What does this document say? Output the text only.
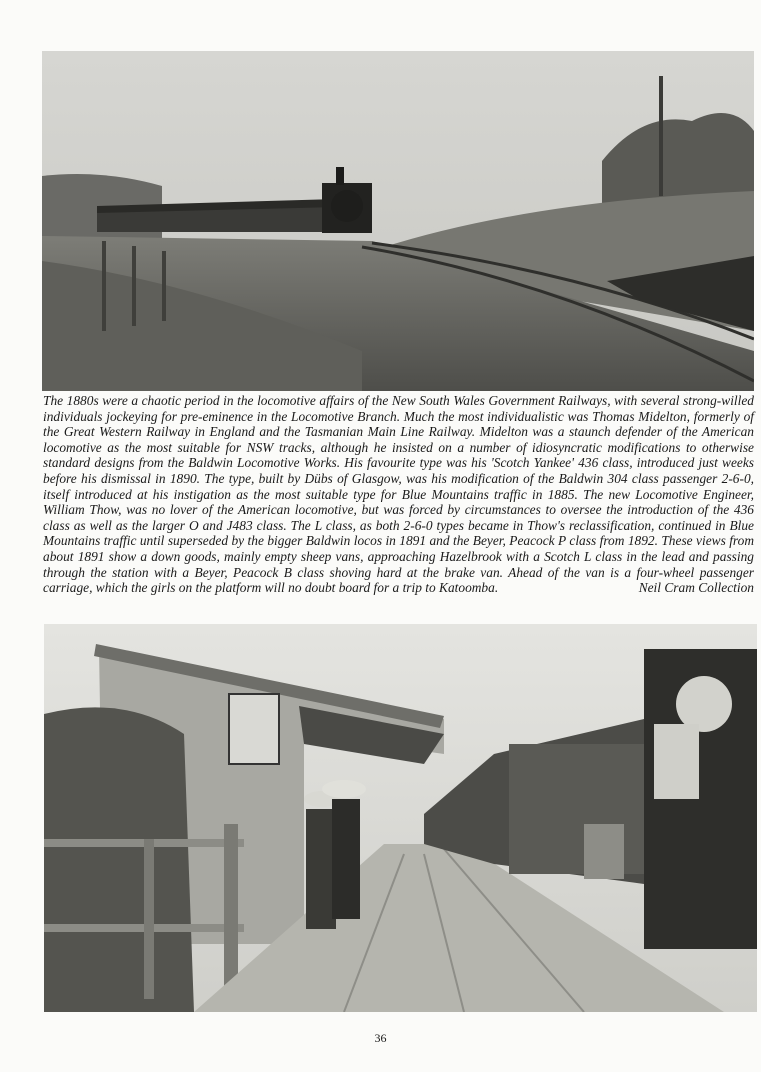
The 1880s were a chaotic period in the locomotive affairs of the New South Wales Government Railways, with several strong-willed individuals jockeying for pre-eminence in the Locomotive Branch. Much the most individualistic was Thomas Midelton, formerly of the Great Western Railway in England and the Tasmanian Main Line Railway. Midelton was a staunch defender of the American locomotive as the most suitable for NSW tracks, although he insisted on a number of idiosyncratic modifications to otherwise standard designs from the Baldwin Locomotive Works. His favourite type was his 'Scotch Yankee' 436 class, introduced just weeks before his dismissal in 1890. The type, built by Dübs of Glasgow, was his modification of the Baldwin 304 class passenger 2-6-0, itself introduced at his instigation as the most suitable type for Blue Mountains traffic in 1885. The new Locomotive Engineer, William Thow, was no lover of the American locomotive, but was forced by circumstances to oversee the introduction of the 436 class as well as the larger O and J483 class. The L class, as both 2-6-0 types became in Thow's reclassification, continued in Blue Mountains traffic until superseded by the bigger Baldwin locos in 1891 and the Beyer, Peacock P class from 1892. These views from about 1891 show a down goods, mainly empty sheep vans, approaching Hazelbrook with a Scotch L class in the lead and passing through the station with a Beyer, Peacock B class shoving hard at the brake van. Ahead of the van is a four-wheel passenger carriage, which the girls on the platform will no doubt board for a trip to Katoomba.	Neil Cram Collection

36
